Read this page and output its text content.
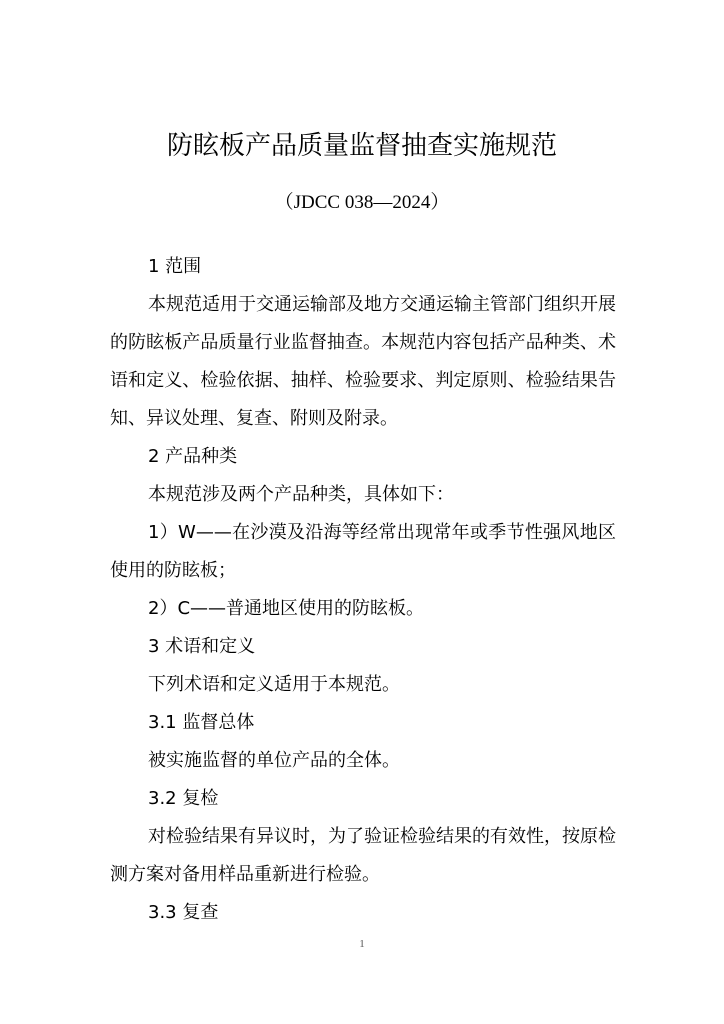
防眩板产品质量监督抽查实施规范
（JDCC 038—2024）

1 范围

本规范适用于交通运输部及地方交通运输主管部门组织开展的防眩板产品质量行业监督抽查。本规范内容包括产品种类、术语和定义、检验依据、抽样、检验要求、判定原则、检验结果告知、异议处理、复查、附则及附录。

2 产品种类

本规范涉及两个产品种类，具体如下：

1）W——在沙漠及沿海等经常出现常年或季节性强风地区使用的防眩板；

2）C——普通地区使用的防眩板。

3 术语和定义

下列术语和定义适用于本规范。

3.1 监督总体

被实施监督的单位产品的全体。

3.2 复检

对检验结果有异议时，为了验证检验结果的有效性，按原检测方案对备用样品重新进行检验。

3.3 复查

1
